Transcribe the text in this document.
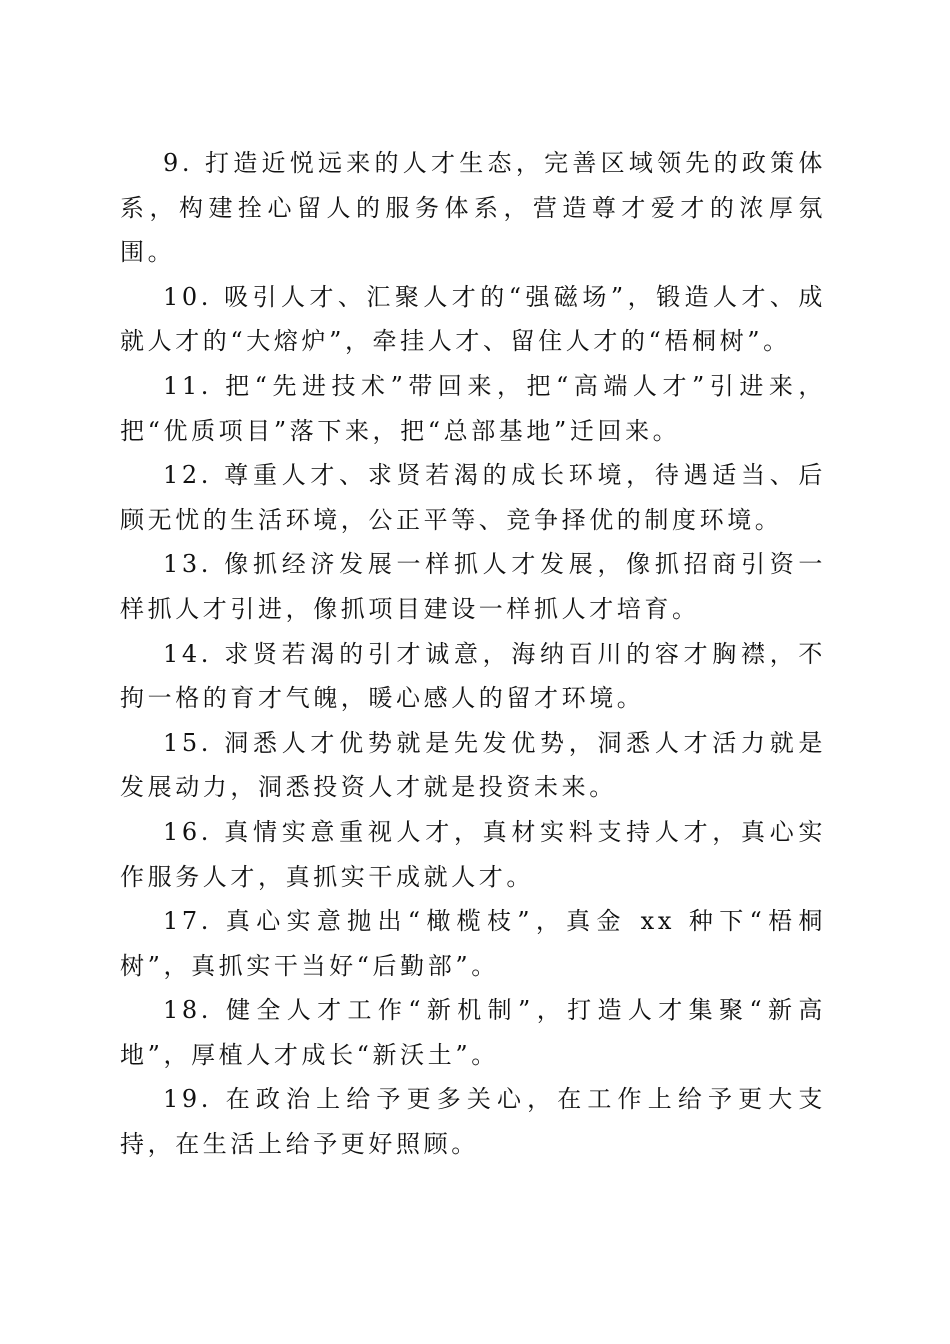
9. 打造近悦远来的人才生态，完善区域领先的政策体系，构建拴心留人的服务体系，营造尊才爱才的浓厚氛围。

10. 吸引人才、汇聚人才的“强磁场”，锻造人才、成就人才的“大熔炉”，牵挂人才、留住人才的“梧桐树”。

11. 把“先进技术”带回来，把“高端人才”引进来，把“优质项目”落下来，把“总部基地”迁回来。

12. 尊重人才、求贤若渴的成长环境，待遇适当、后顾无忧的生活环境，公正平等、竞争择优的制度环境。

13. 像抓经济发展一样抓人才发展，像抓招商引资一样抓人才引进，像抓项目建设一样抓人才培育。

14. 求贤若渴的引才诚意，海纳百川的容才胸襟，不拘一格的育才气魄，暖心感人的留才环境。

15. 洞悉人才优势就是先发优势，洞悉人才活力就是发展动力，洞悉投资人才就是投资未来。

16. 真情实意重视人才，真材实料支持人才，真心实作服务人才，真抓实干成就人才。

17. 真心实意抛出“橄榄枝”，真金 xx 种下“梧桐树”，真抓实干当好“后勤部”。

18. 健全人才工作“新机制”，打造人才集聚“新高地”，厚植人才成长“新沃土”。

19. 在政治上给予更多关心，在工作上给予更大支持，在生活上给予更好照顾。
